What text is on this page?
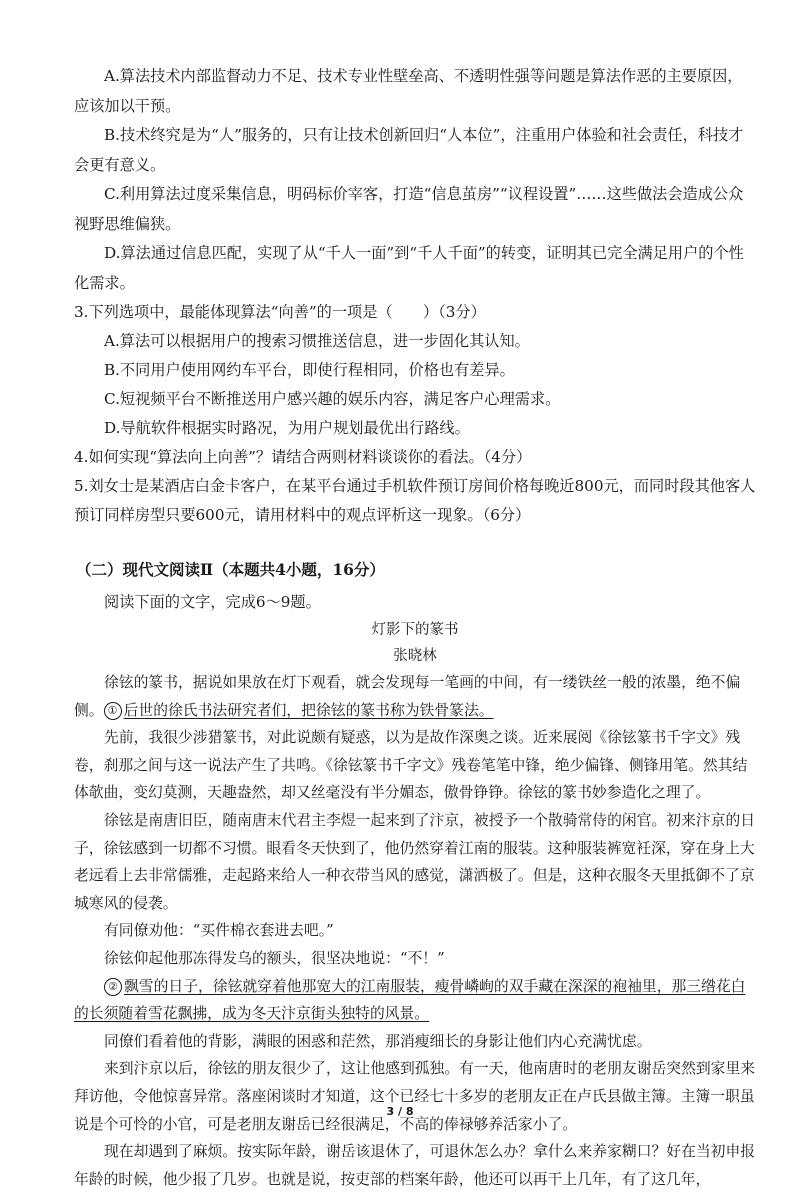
A.算法技术内部监督动力不足、技术专业性壁垒高、不透明性强等问题是算法作恶的主要原因，应该加以干预。

B.技术终究是为“人”服务的，只有让技术创新回归“人本位”，注重用户体验和社会责任，科技才会更有意义。

C.利用算法过度采集信息，明码标价宰客，打造“信息茧房”“议程设置”……这些做法会造成公众视野思维偏狭。

D.算法通过信息匹配，实现了从“千人一面”到“千人千面”的转变，证明其已完全满足用户的个性化需求。

3.下列选项中，最能体现算法“向善”的一项是（　　）（3分）

A.算法可以根据用户的搜索习惯推送信息，进一步固化其认知。

B.不同用户使用网约车平台，即使行程相同，价格也有差异。

C.短视频平台不断推送用户感兴趣的娱乐内容，满足客户心理需求。

D.导航软件根据实时路况，为用户规划最优出行路线。

4.如何实现“算法向上向善”？请结合两则材料谈谈你的看法。（4分）

5.刘女士是某酒店白金卡客户，在某平台通过手机软件预订房间价格每晚近800元，而同时段其他客人预订同样房型只要600元，请用材料中的观点评析这一现象。（6分）

（二）现代文阅读Ⅱ（本题共4小题，16分）

阅读下面的文字，完成6～9题。

灯影下的篆书

张晓林

徐铉的篆书，据说如果放在灯下观看，就会发现每一笔画的中间，有一缕铁丝一般的浓墨，绝不偏侧。 ① 后世的徐氏书法研究者们，把徐铉的篆书称为铁骨篆法。

先前，我很少涉猎篆书，对此说颇有疑惑，以为是故作深奥之谈。近来展阅《徐铉篆书千字文》残卷，刹那之间与这一说法产生了共鸣。《徐铉篆书千字文》残卷笔笔中锋，绝少偏锋、侧锋用笔。然其结体欹曲，变幻莫测，天趣盎然，却又丝毫没有半分媚态，傲骨铮铮。徐铉的篆书妙参造化之理了。

徐铉是南唐旧臣，随南唐末代君主李煜一起来到了汴京，被授予一个散骑常侍的闲官。初来汴京的日子，徐铉感到一切都不习惯。眼看冬天快到了，他仍然穿着江南的服装。这种服装裤宽衽深，穿在身上大老远看上去非常儒雅，走起路来给人一种衣带当风的感觉，潇洒极了。但是，这种衣服冬天里抵御不了京城寒风的侵袭。

有同僚劝他：“买件棉衣套进去吧。”

徐铉仰起他那冻得发乌的额头，很坚决地说：“不！”

② 飘雪的日子，徐铉就穿着他那宽大的江南服装，瘦骨嶙峋的双手藏在深深的袍袖里，那三绺花白的长须随着雪花飘拂，成为冬天汴京街头独特的风景。

同僚们看着他的背影，满眼的困惑和茫然，那消瘦细长的身影让他们内心充满忧虑。

来到汴京以后，徐铉的朋友很少了，这让他感到孤独。有一天，他南唐时的老朋友谢岳突然到家里来拜访他，令他惊喜异常。落座闲谈时才知道，这个已经七十多岁的老朋友正在卢氏县做主簿。主簿一职虽说是个可怜的小官，可是老朋友谢岳已经很满足，不高的俸禄够养活家小了。

现在却遇到了麻烦。按实际年龄，谢岳该退休了，可退休怎么办？拿什么来养家糊口？好在当初申报年龄的时候，他少报了几岁。也就是说，按吏部的档案年龄，他还可以再干上几年，有了这几年，

3 / 8
